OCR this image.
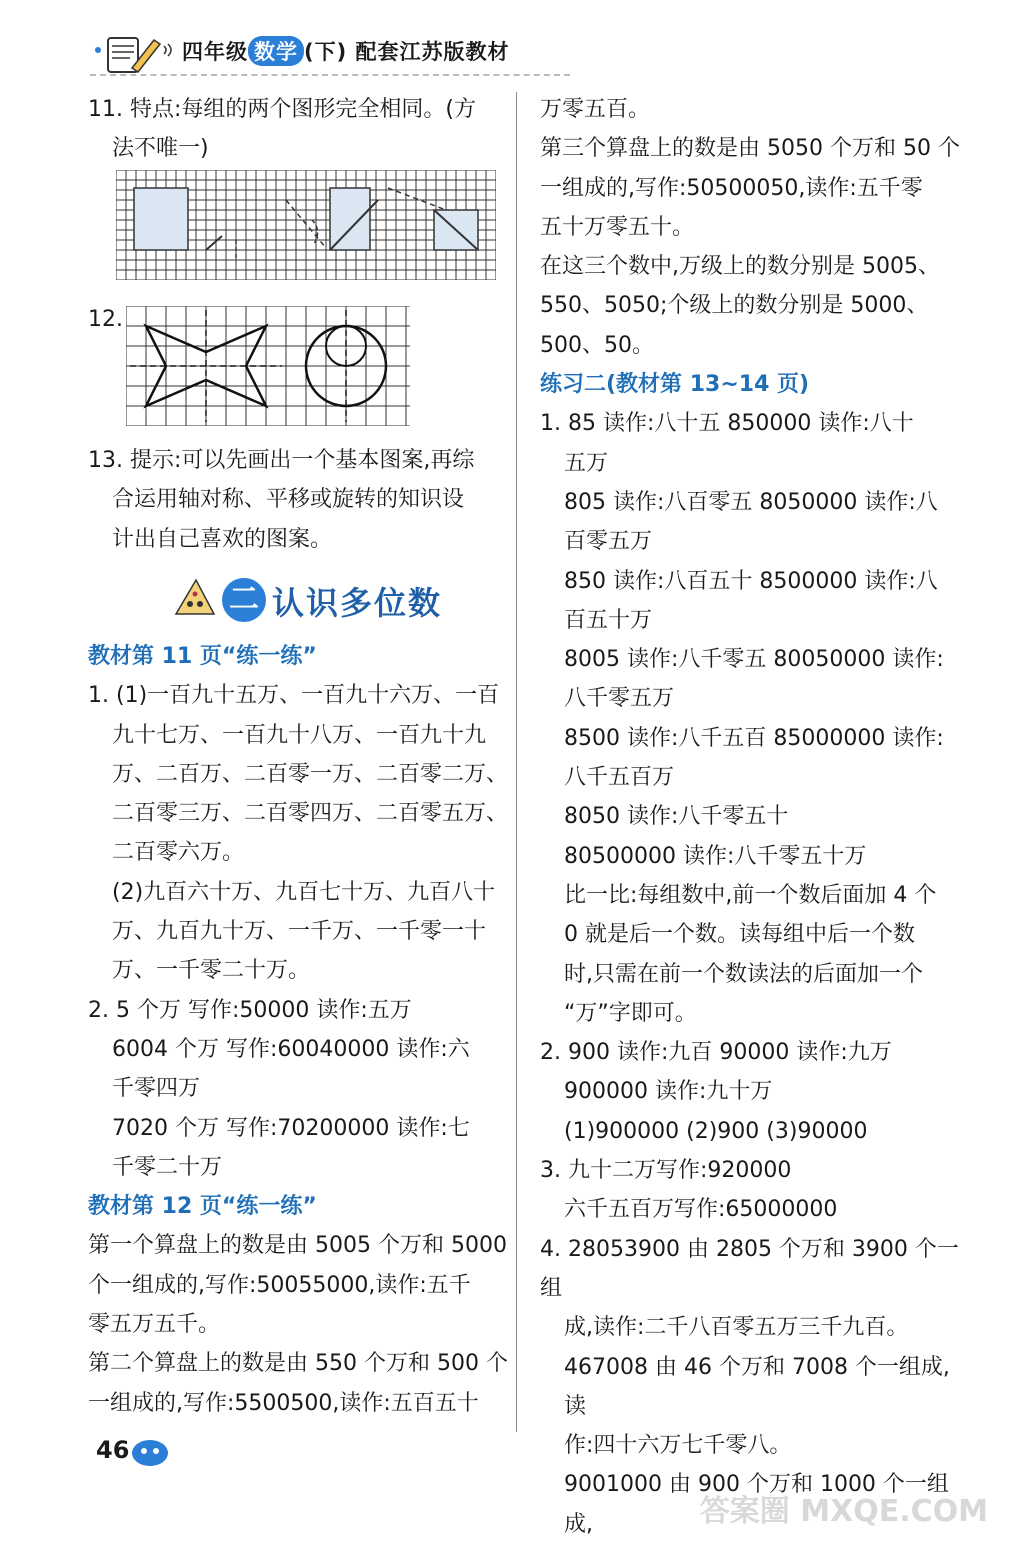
四年级 数学 (下) 配套江苏版教材

11. 特点:每组的两个图形完全相同。(方

法不唯一)

12.

13. 提示:可以先画出一个基本图案,再综

合运用轴对称、平移或旋转的知识设

计出自己喜欢的图案。

二 认识多位数

教材第 11 页“练一练”

1. (1)一百九十五万、一百九十六万、一百

九十七万、一百九十八万、一百九十九

万、二百万、二百零一万、二百零二万、

二百零三万、二百零四万、二百零五万、

二百零六万。

(2)九百六十万、九百七十万、九百八十

万、九百九十万、一千万、一千零一十

万、一千零二十万。

2. 5 个万 写作:50000 读作:五万

6004 个万 写作:60040000 读作:六

千零四万

7020 个万 写作:70200000 读作:七

千零二十万

教材第 12 页“练一练”

第一个算盘上的数是由 5005 个万和 5000

个一组成的,写作:50055000,读作:五千

零五万五千。

第二个算盘上的数是由 550 个万和 500 个

一组成的,写作:5500500,读作:五百五十

万零五百。

第三个算盘上的数是由 5050 个万和 50 个

一组成的,写作:50500050,读作:五千零

五十万零五十。

在这三个数中,万级上的数分别是 5005、

550、5050;个级上的数分别是 5000、

500、50。

练习二(教材第 13~14 页)

1. 85 读作:八十五 850000 读作:八十

五万

805 读作:八百零五 8050000 读作:八

百零五万

850 读作:八百五十 8500000 读作:八

百五十万

8005 读作:八千零五 80050000 读作:

八千零五万

8500 读作:八千五百 85000000 读作:

八千五百万

8050 读作:八千零五十

80500000 读作:八千零五十万

比一比:每组数中,前一个数后面加 4 个

0 就是后一个数。读每组中后一个数

时,只需在前一个数读法的后面加一个

“万”字即可。

2. 900 读作:九百 90000 读作:九万

900000 读作:九十万

(1)900000 (2)900 (3)90000

3. 九十二万写作:920000

六千五百万写作:65000000

4. 28053900 由 2805 个万和 3900 个一组

成,读作:二千八百零五万三千九百。

467008 由 46 个万和 7008 个一组成,读

作:四十六万七千零八。

9001000 由 900 个万和 1000 个一组成,

46
答案圈 MXQE.COM
